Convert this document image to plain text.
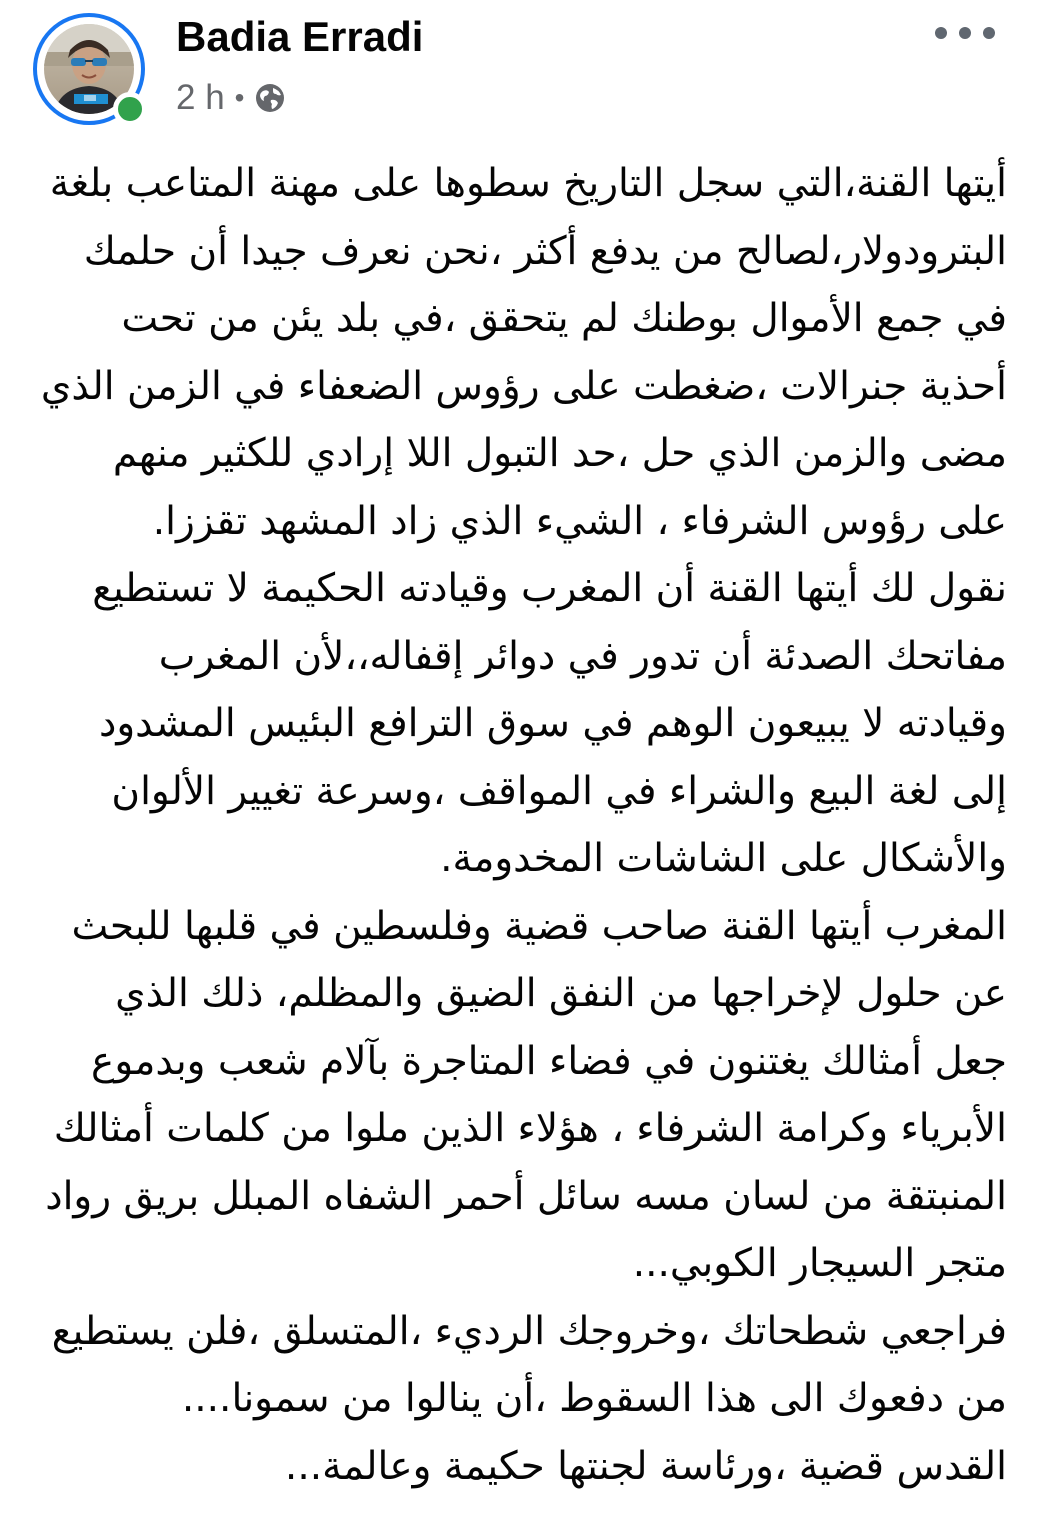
Badia Erradi
2 h •
أيتها القنة،التي سجل التاريخ سطوها على مهنة المتاعب بلغة
البترودولار،لصالح من يدفع أكثر ،نحن نعرف جيدا أن حلمك
في جمع الأموال بوطنك لم يتحقق ،في بلد يئن من تحت
أحذية جنرالات ،ضغطت على رؤوس الضعفاء في الزمن الذي
مضى والزمن الذي حل ،حد التبول اللا إرادي للكثير منهم
على رؤوس الشرفاء ، الشيء الذي زاد المشهد تقززا.
نقول لك أيتها القنة أن المغرب وقيادته الحكيمة لا تستطيع
مفاتحك الصدئة أن تدور في دوائر إقفاله،،لأن المغرب
وقيادته لا يبيعون الوهم في سوق الترافع البئيس المشدود
إلى لغة البيع والشراء في المواقف ،وسرعة تغيير الألوان
والأشكال على الشاشات المخدومة.
المغرب أيتها القنة صاحب قضية وفلسطين في قلبها للبحث
عن حلول لإخراجها من النفق الضيق والمظلم، ذلك الذي
جعل أمثالك يغتنون في فضاء المتاجرة بآلام شعب وبدموع
الأبرياء وكرامة الشرفاء ، هؤلاء الذين ملوا من كلمات أمثالك
المنبتقة من لسان مسه سائل أحمر الشفاه المبلل بريق رواد
متجر السيجار الكوبي...
فراجعي شطحاتك ،وخروجك الرديء ،المتسلق ،فلن يستطيع
من دفعوك الى هذا السقوط ،أن ينالوا من سمونا....
القدس قضية ،ورئاسة لجنتها حكيمة وعالمة...
